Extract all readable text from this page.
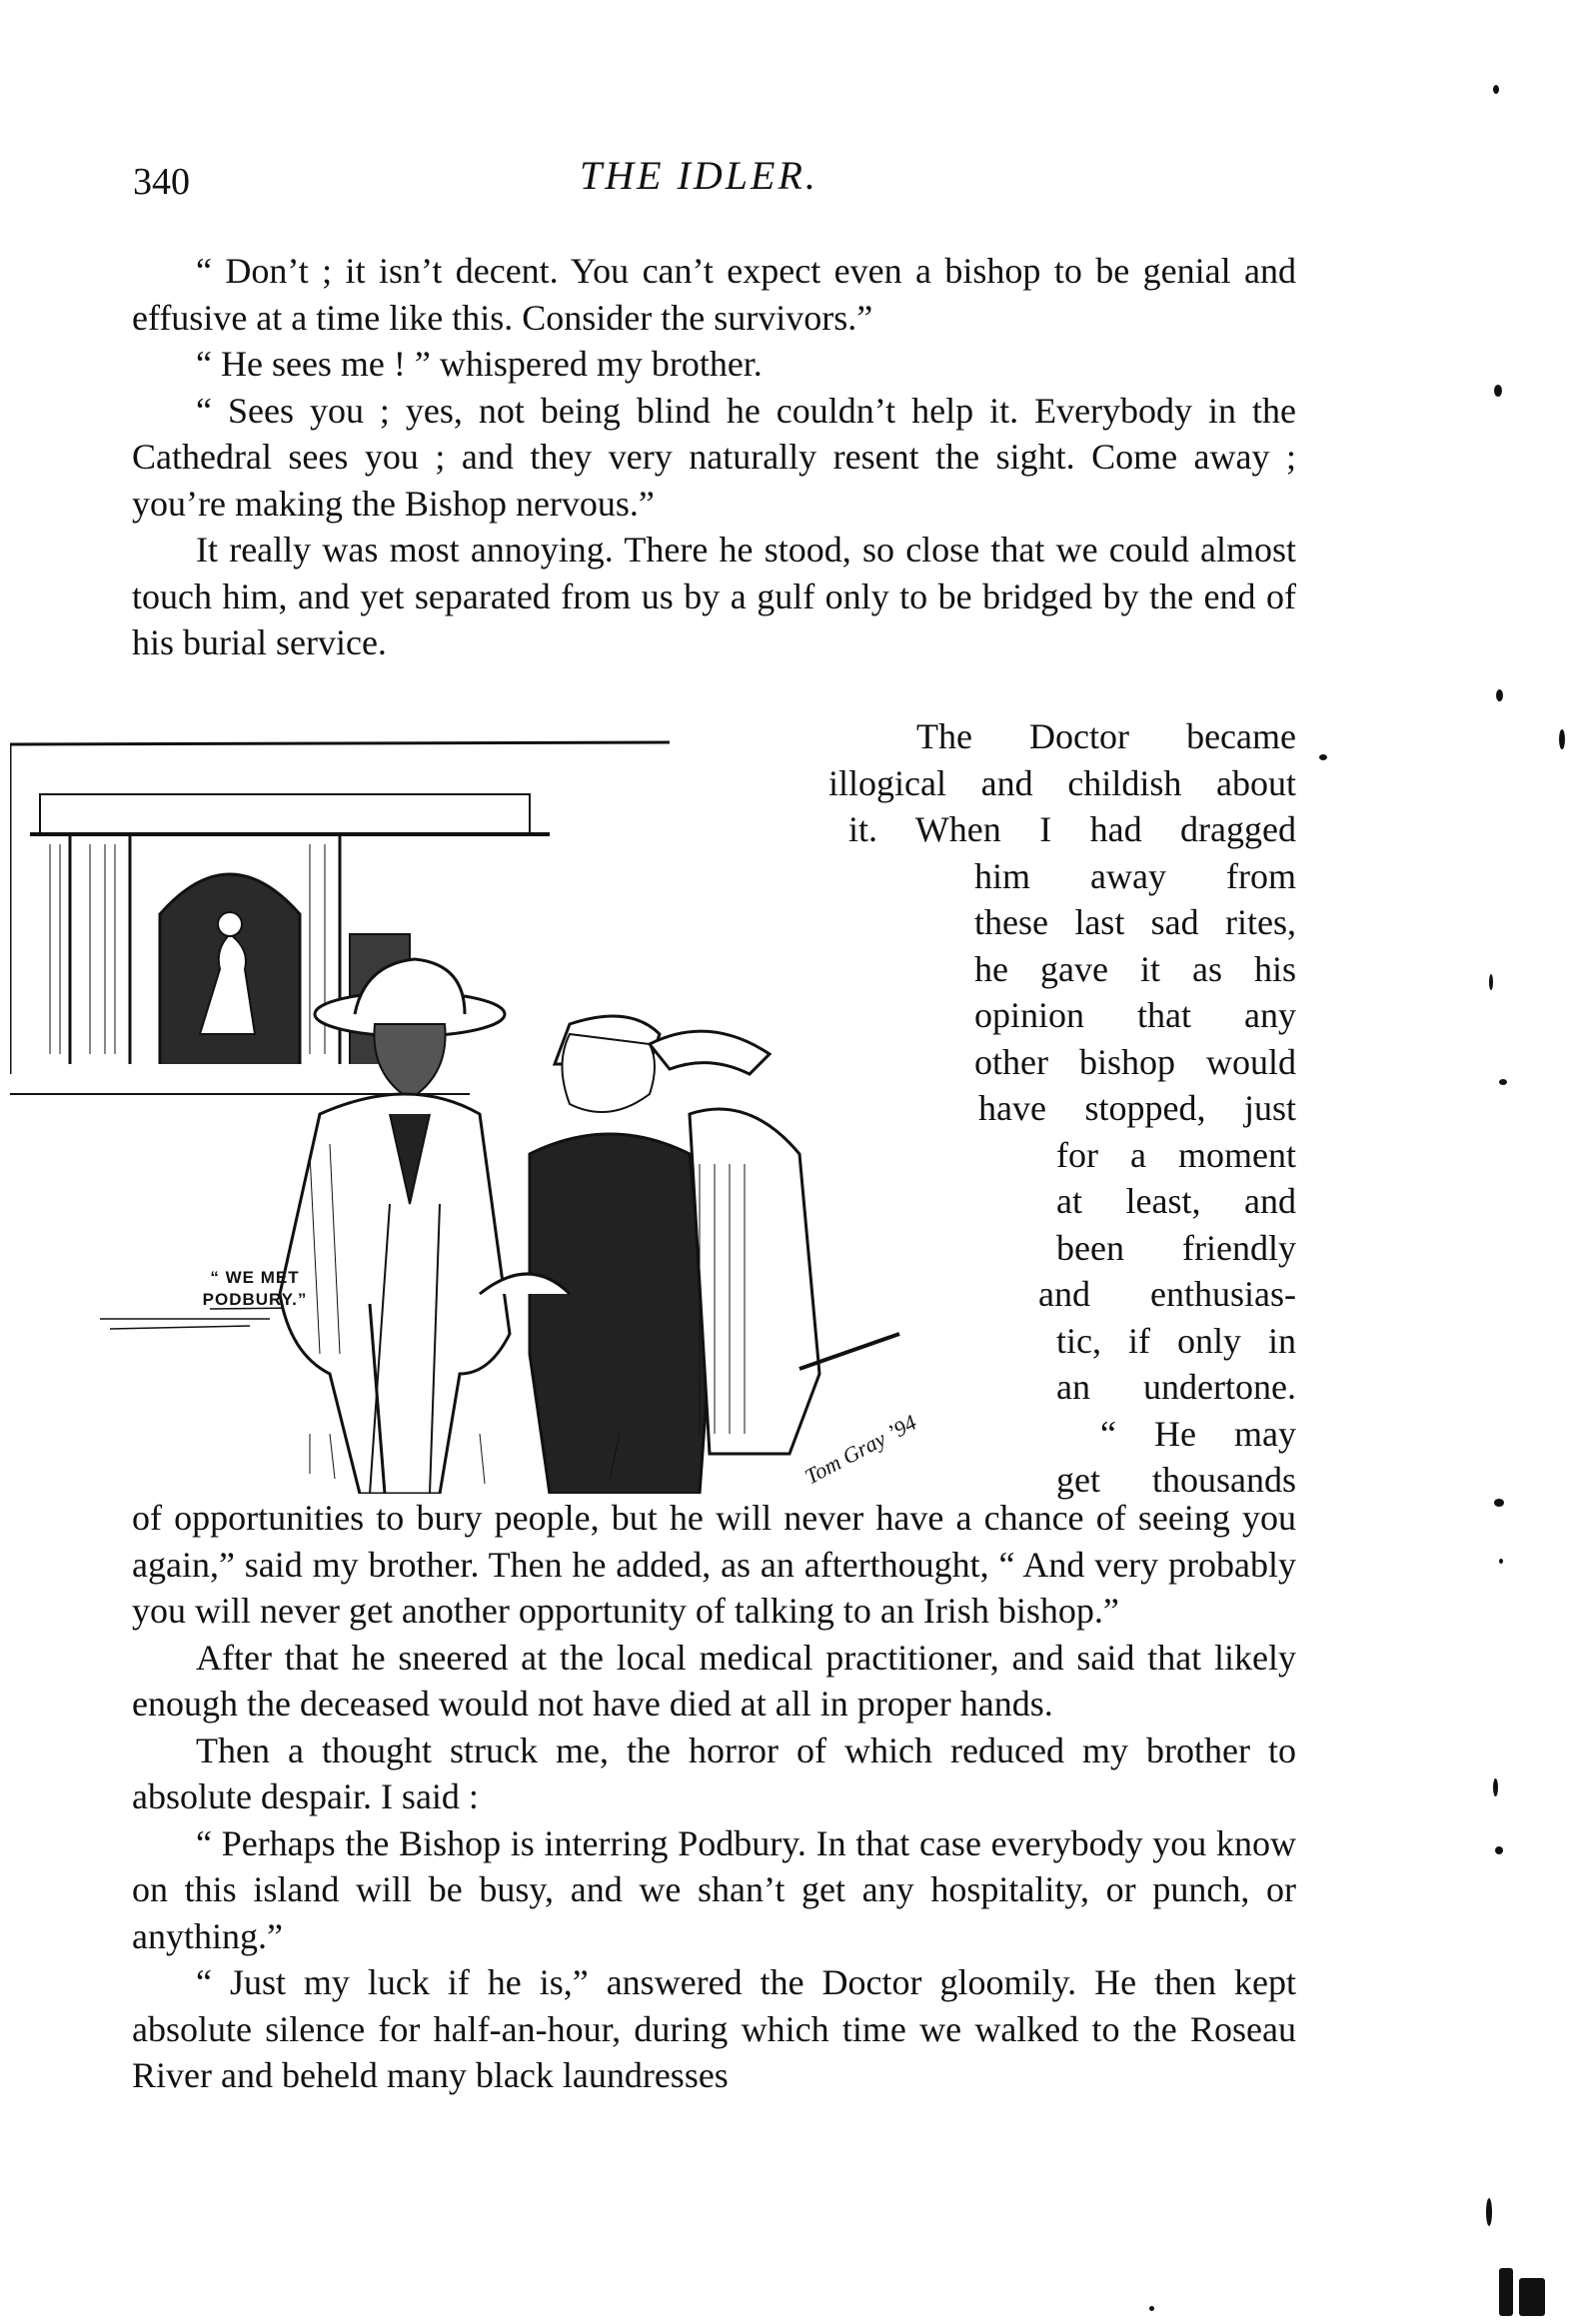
340	THE IDLER.

“ Don’t ; it isn’t decent. You can’t expect even a bishop to be genial and effusive at a time like this. Consider the survivors.”

“ He sees me ! ” whispered my brother.

“ Sees you ; yes, not being blind he couldn’t help it. Everybody in the Cathedral sees you ; and they very naturally resent the sight. Come away ; you’re making the Bishop nervous.”

It really was most annoying. There he stood, so close that we could almost touch him, and yet separated from us by a gulf only to be bridged by the end of his burial service.

The Doctor became
illogical and childish about
it. When I had dragged
him away from
these last sad rites,
he gave it as his
opinion that any
other bishop would
have stopped, just
for a moment
at least, and
been friendly
and enthusias-
tic, if only in
an undertone.
“ He may
get thousands
“ WE MET PODBURY.”
Tom Gray ’94

of opportunities to bury people, but he will never have a chance of seeing you again,” said my brother. Then he added, as an afterthought, “ And very probably you will never get another opportunity of talking to an Irish bishop.”

After that he sneered at the local medical practitioner, and said that likely enough the deceased would not have died at all in proper hands.

Then a thought struck me, the horror of which reduced my brother to absolute despair. I said :

“ Perhaps the Bishop is interring Podbury. In that case everybody you know on this island will be busy, and we shan’t get any hospitality, or punch, or anything.”

“ Just my luck if he is,” answered the Doctor gloomily. He then kept absolute silence for half-an-hour, during which time we walked to the Roseau River and beheld many black laundresses
